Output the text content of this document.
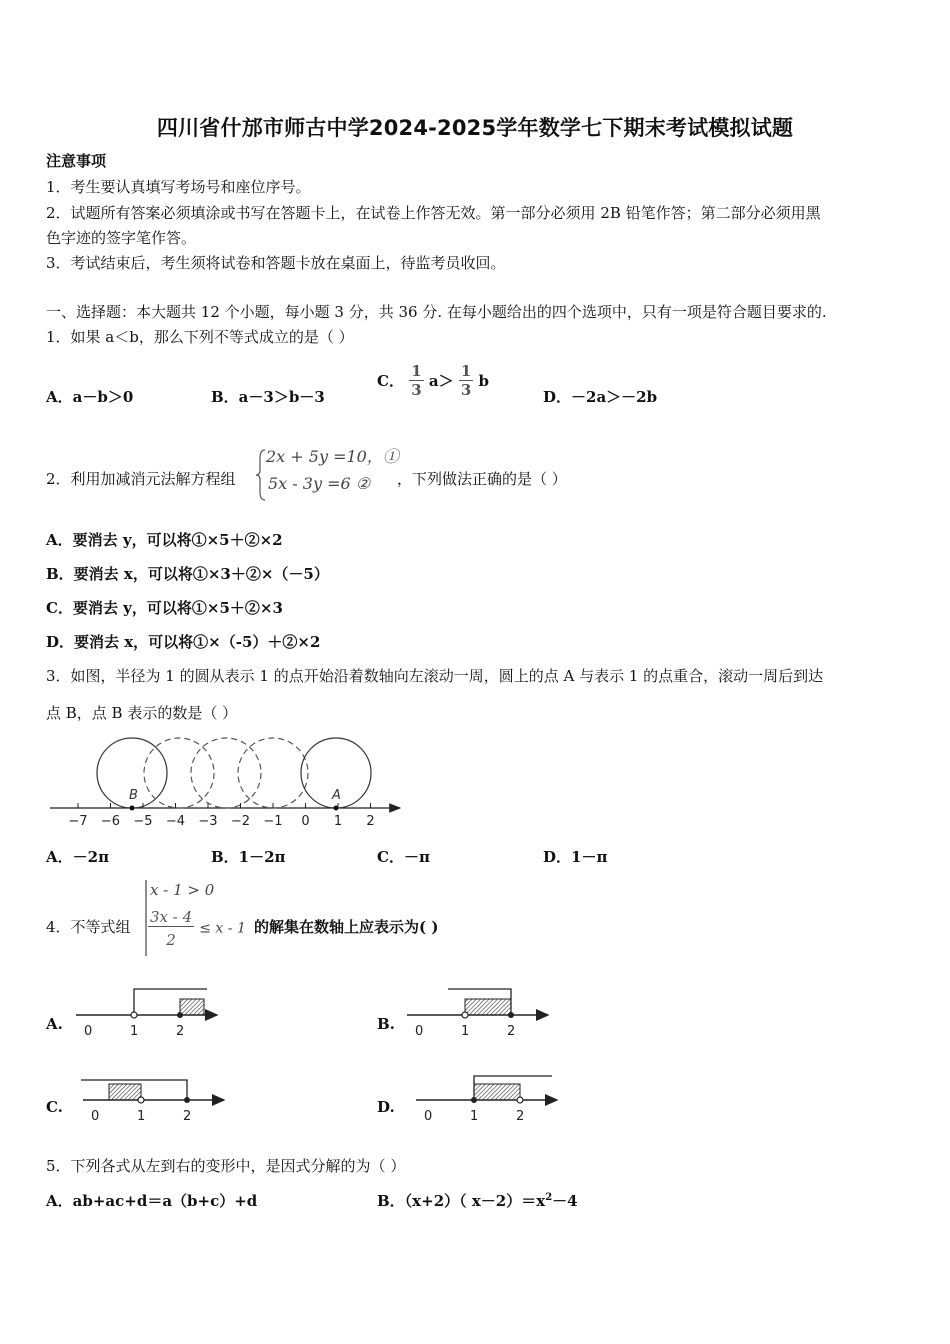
四川省什邡市师古中学2024-2025学年数学七下期末考试模拟试题
注意事项
1．考生要认真填写考场号和座位序号。
2．试题所有答案必须填涂或书写在答题卡上，在试卷上作答无效。第一部分必须用 2B 铅笔作答；第二部分必须用黑
色字迹的签字笔作答。
3．考试结束后，考生须将试卷和答题卡放在桌面上，待监考员收回。
一、选择题：本大题共 12 个小题，每小题 3 分，共 36 分. 在每小题给出的四个选项中，只有一项是符合题目要求的.
1．如果 a＜b，那么下列不等式成立的是（ ）
A．a－b＞0	B．a－3＞b－3
C． $\frac{1}{3} a> \frac{1}{3}$ b
D．－2a＞－2b
2．利用加减消元法解方程组
2x + 5y =10，①
5x - 3y =6 ② ，下列做法正确的是（ ）
A．要消去 y，可以将①×5＋②×2
B．要消去 x，可以将①×3＋②×（－5）
C．要消去 y，可以将①×5＋②×3
D．要消去 x，可以将①×（-5）＋②×2
3．如图，半径为 1 的圆从表示 1 的点开始沿着数轴向左滚动一周，圆上的点 A 与表示 1 的点重合，滚动一周后到达
点 B，点 B 表示的数是（ ）
−7 −6 −5 −4 −3 −2 −1 0 1 2
B	A
A．－2π	B．1－2π	C．－π	D．1－π
4．不等式组
x - 1 > 0
$\frac{3x - 4}{2} \le x - 1$ 的解集在数轴上应表示为( )
A.	B.
C.	D.
0	1	2	0	1	2
0	1	2	0	1	2
5．下列各式从左到右的变形中，是因式分解的为（ ）
A．ab+ac+d＝a（b+c）+d	B．（x+2）（ $x-2)=x^2-4$
